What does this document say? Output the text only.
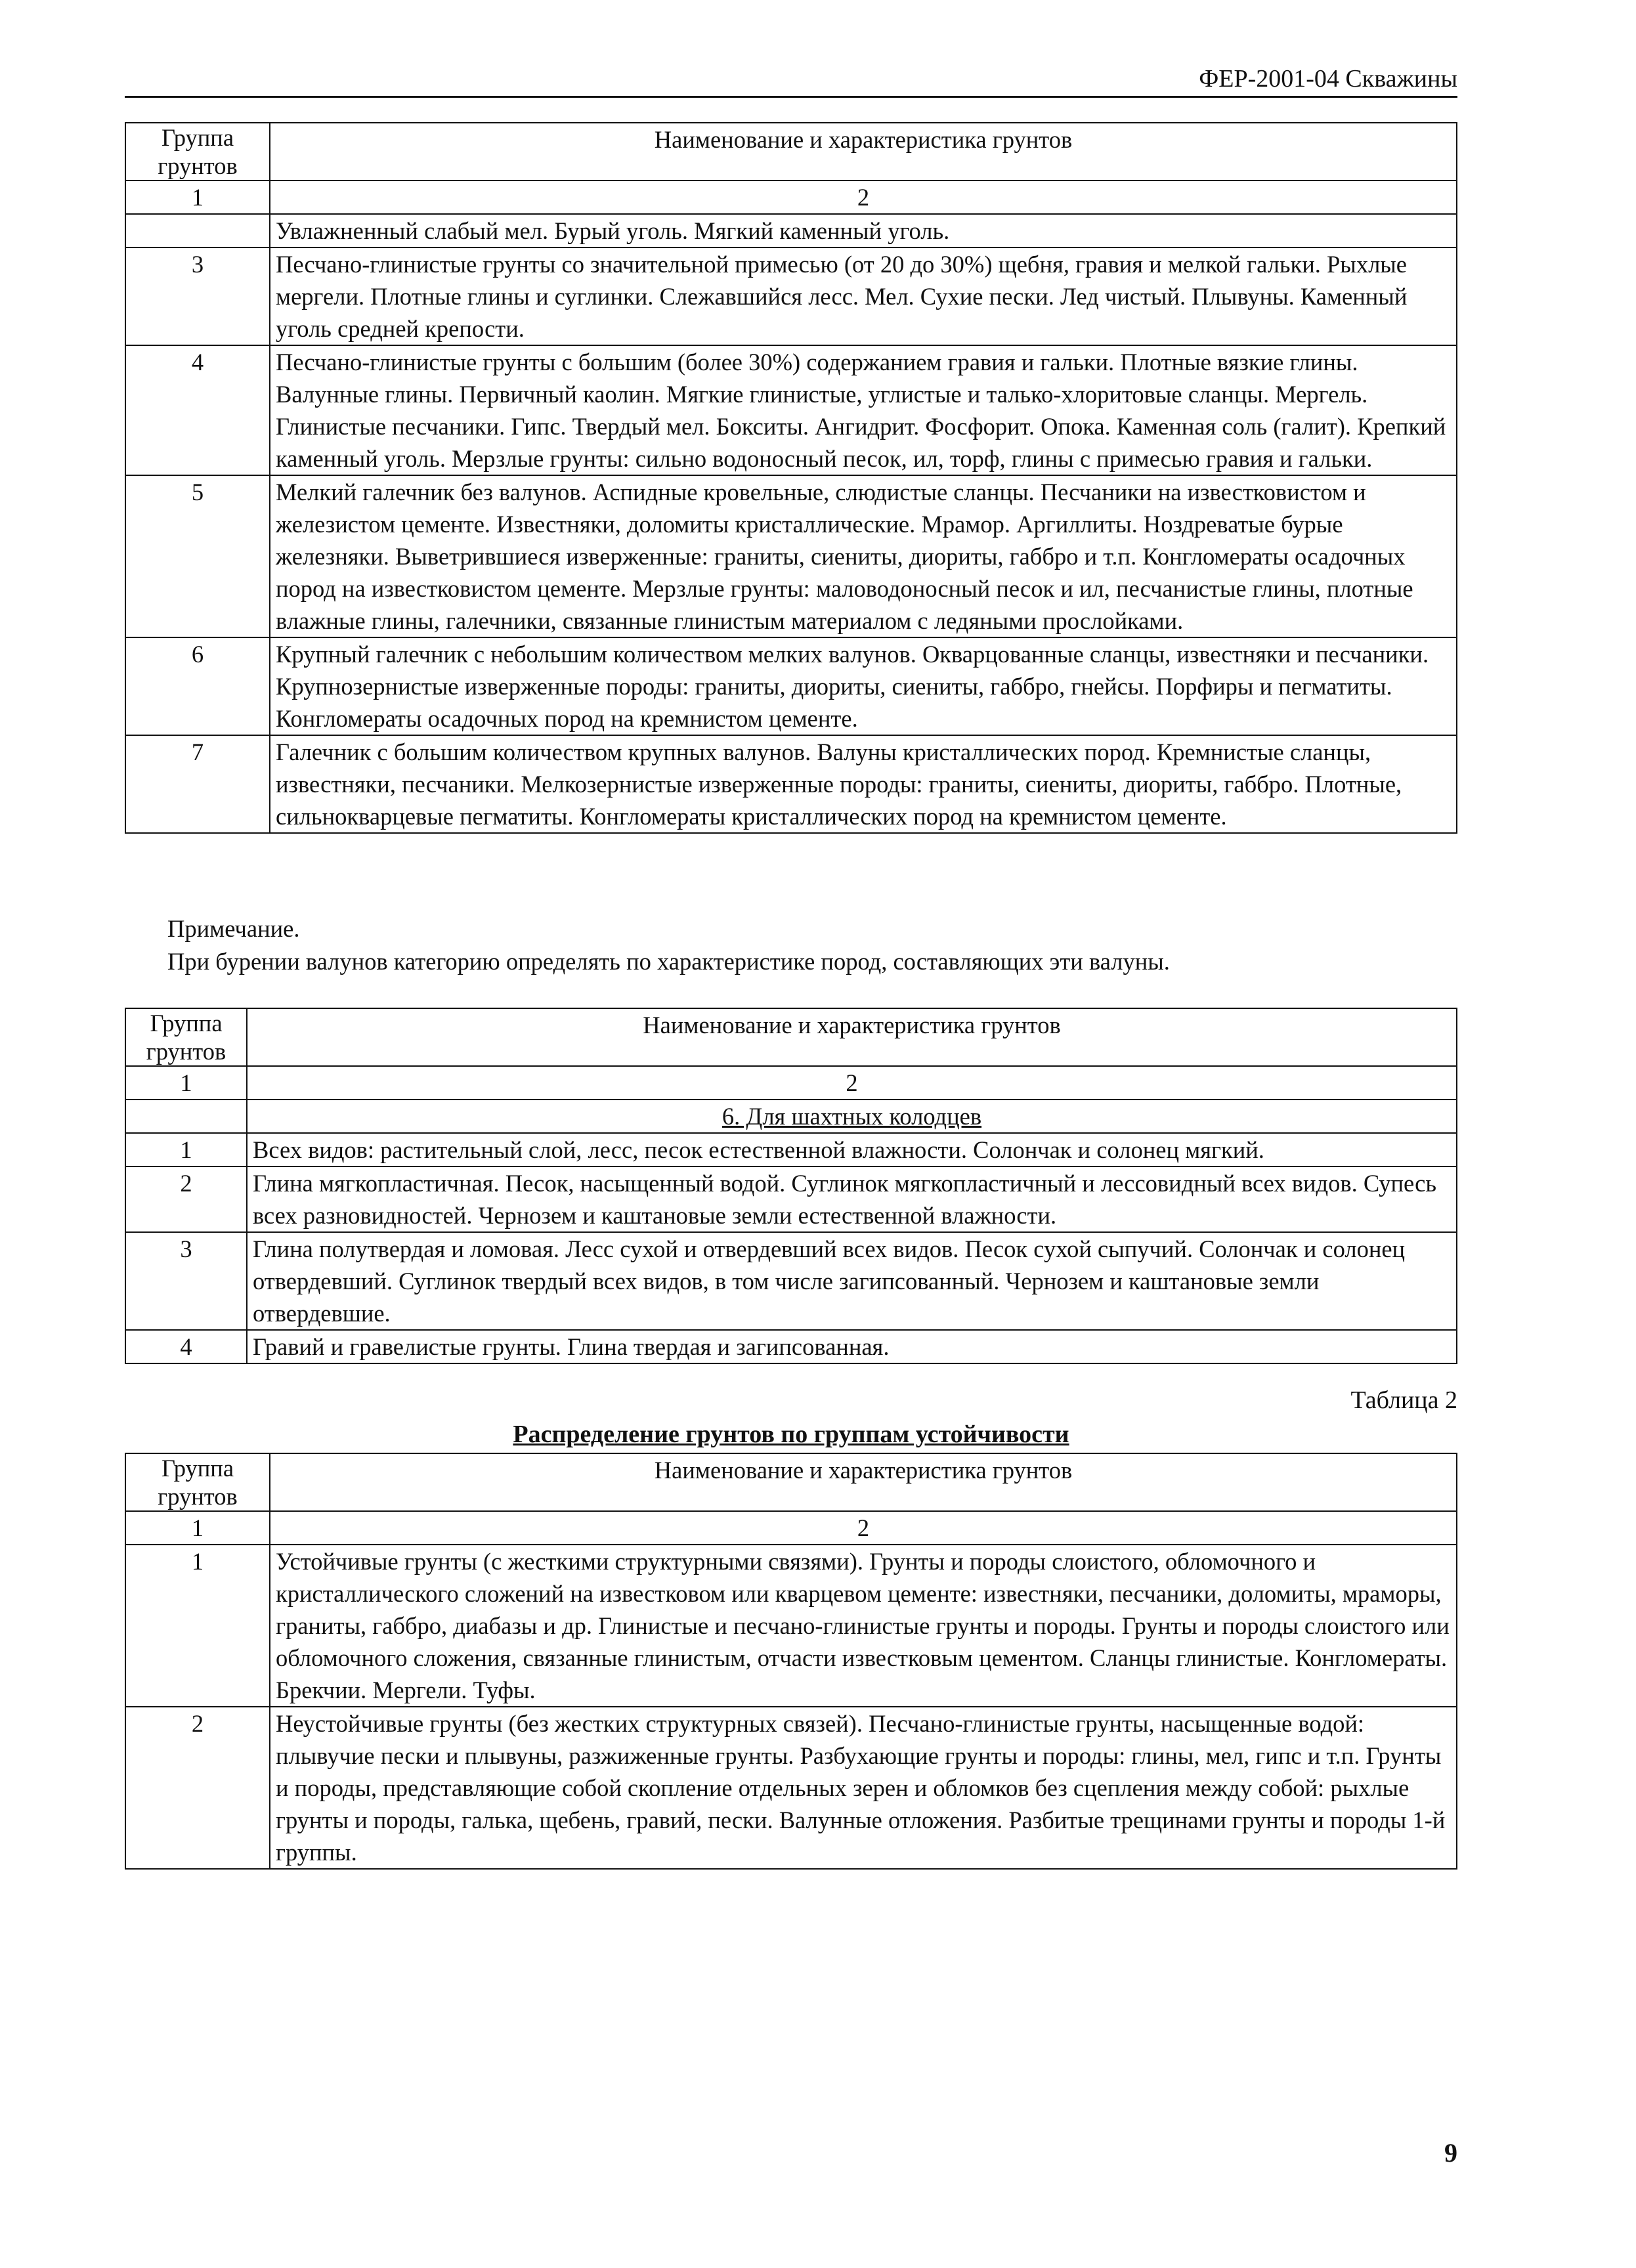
ФЕР-2001-04 Скважины
Группа грунтов	Наименование и характеристика грунтов
1	2
	Увлажненный слабый мел. Бурый уголь. Мягкий каменный уголь.
3	Песчано-глинистые грунты со значительной примесью (от 20 до 30%) щебня, гравия и мелкой гальки. Рыхлые мергели. Плотные глины и суглинки. Слежавшийся лесс. Мел. Сухие пески. Лед чистый. Плывуны. Каменный уголь средней крепости.
4	Песчано-глинистые грунты с большим (более 30%) содержанием гравия и гальки. Плотные вязкие глины. Валунные глины. Первичный каолин. Мягкие глинистые, углистые и талько-хлоритовые сланцы. Мергель. Глинистые песчаники. Гипс. Твердый мел. Бокситы. Ангидрит. Фосфорит. Опока. Каменная соль (галит). Крепкий каменный уголь. Мерзлые грунты: сильно водоносный песок, ил, торф, глины с примесью гравия и гальки.
5	Мелкий галечник без валунов. Аспидные кровельные, слюдистые сланцы. Песчаники на известковистом и железистом цементе. Известняки, доломиты кристаллические. Мрамор. Аргиллиты. Ноздреватые бурые железняки. Выветрившиеся изверженные: граниты, сиениты, диориты, габбро и т.п. Конгломераты осадочных пород на известковистом цементе. Мерзлые грунты: маловодоносный песок и ил, песчанистые глины, плотные влажные глины, галечники, связанные глинистым материалом с ледяными прослойками.
6	Крупный галечник с небольшим количеством мелких валунов. Окварцованные сланцы, известняки и песчаники. Крупнозернистые изверженные породы: граниты, диориты, сиениты, габбро, гнейсы. Порфиры и пегматиты. Конгломераты осадочных пород на кремнистом цементе.
7	Галечник с большим количеством крупных валунов. Валуны кристаллических пород. Кремнистые сланцы, известняки, песчаники. Мелкозернистые изверженные породы: граниты, сиениты, диориты, габбро. Плотные, сильнокварцевые пегматиты. Конгломераты кристаллических пород на кремнистом цементе.
Примечание.
При бурении валунов категорию определять по характеристике пород, составляющих эти валуны.
Группа грунтов	Наименование и характеристика грунтов
1	2
	6. Для шахтных колодцев
1	Всех видов: растительный слой, лесс, песок естественной влажности. Солончак и солонец мягкий.
2	Глина мягкопластичная. Песок, насыщенный водой. Суглинок мягкопластичный и лессовидный всех видов. Супесь всех разновидностей. Чернозем и каштановые земли естественной влажности.
3	Глина полутвердая и ломовая. Лесс сухой и отвердевший всех видов. Песок сухой сыпучий. Солончак и солонец отвердевший. Суглинок твердый всех видов, в том числе загипсованный. Чернозем и каштановые земли отвердевшие.
4	Гравий и гравелистые грунты. Глина твердая и загипсованная.
Таблица 2
Распределение грунтов по группам устойчивости
Группа грунтов	Наименование и характеристика грунтов
1	2
1	Устойчивые грунты (с жесткими структурными связями). Грунты и породы слоистого, обломочного и кристаллического сложений на известковом или кварцевом цементе: известняки, песчаники, доломиты, мраморы, граниты, габбро, диабазы и др. Глинистые и песчано-глинистые грунты и породы. Грунты и породы слоистого или обломочного сложения, связанные глинистым, отчасти известковым цементом. Сланцы глинистые. Конгломераты. Брекчии. Мергели. Туфы.
2	Неустойчивые грунты (без жестких структурных связей). Песчано-глинистые грунты, насыщенные водой: плывучие пески и плывуны, разжиженные грунты. Разбухающие грунты и породы: глины, мел, гипс и т.п. Грунты и породы, представляющие собой скопление отдельных зерен и обломков без сцепления между собой: рыхлые грунты и породы, галька, щебень, гравий, пески. Валунные отложения. Разбитые трещинами грунты и породы 1-й группы.
9
